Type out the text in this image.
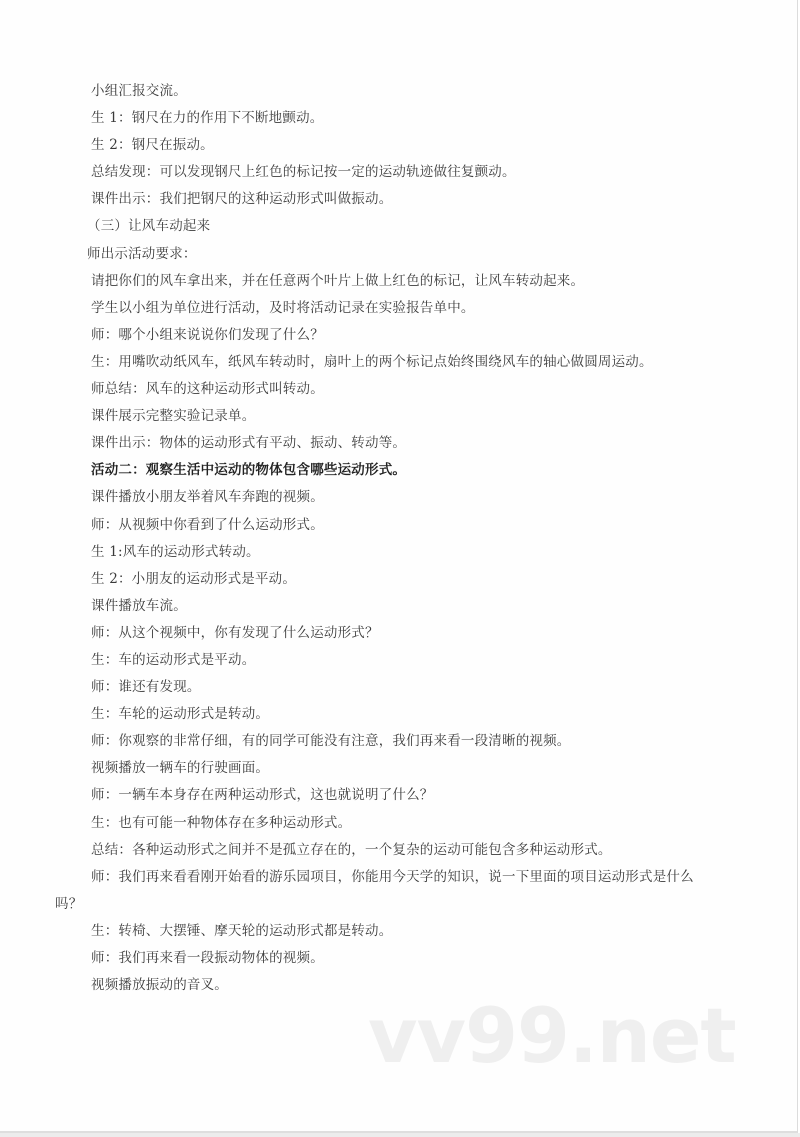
小组汇报交流。
生 1：钢尺在力的作用下不断地颤动。
生 2：钢尺在振动。
总结发现：可以发现钢尺上红色的标记按一定的运动轨迹做往复颤动。
课件出示：我们把钢尺的这种运动形式叫做振动。
（三）让风车动起来
师出示活动要求：
请把你们的风车拿出来，并在任意两个叶片上做上红色的标记，让风车转动起来。
学生以小组为单位进行活动，及时将活动记录在实验报告单中。
师：哪个小组来说说你们发现了什么？
生：用嘴吹动纸风车，纸风车转动时，扇叶上的两个标记点始终围绕风车的轴心做圆周运动。
师总结：风车的这种运动形式叫转动。
课件展示完整实验记录单。
课件出示：物体的运动形式有平动、振动、转动等。
活动二：观察生活中运动的物体包含哪些运动形式。
课件播放小朋友举着风车奔跑的视频。
师：从视频中你看到了什么运动形式。
生 1:风车的运动形式转动。
生 2：小朋友的运动形式是平动。
课件播放车流。
师：从这个视频中，你有发现了什么运动形式？
生：车的运动形式是平动。
师：谁还有发现。
生：车轮的运动形式是转动。
师：你观察的非常仔细，有的同学可能没有注意，我们再来看一段清晰的视频。
视频播放一辆车的行驶画面。
师：一辆车本身存在两种运动形式，这也就说明了什么？
生：也有可能一种物体存在多种运动形式。
总结：各种运动形式之间并不是孤立存在的，一个复杂的运动可能包含多种运动形式。
师：我们再来看看刚开始看的游乐园项目，你能用今天学的知识，说一下里面的项目运动形式是什么
吗？
生：转椅、大摆锤、摩天轮的运动形式都是转动。
师：我们再来看一段振动物体的视频。
视频播放振动的音叉。
vv99.net
